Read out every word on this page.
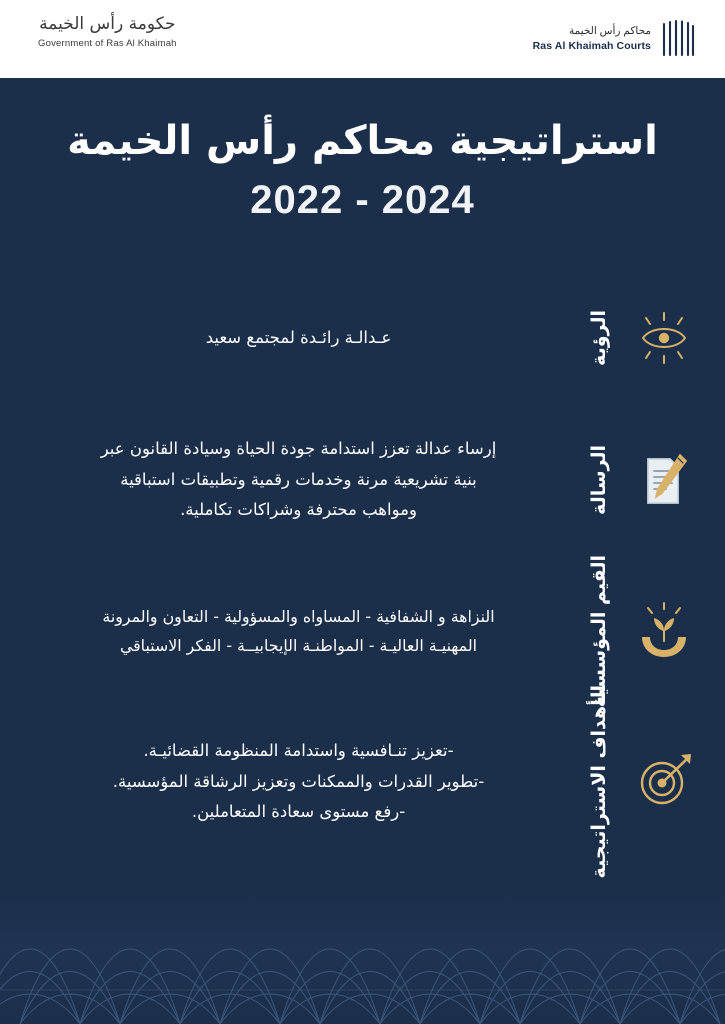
حكومة رأس الخيمة
Government of Ras Al Khaimah
محاكم رأس الخيمة
Ras Al Khaimah Courts
استراتيجية محاكم رأس الخيمة
2022 - 2024
الرؤية
عـدالـة رائـدة لمجتمع سعيد
الرسالة
إرساء عدالة تعزز استدامة جودة الحياة وسيادة القانون عبر
بنية تشريعية مرنة وخدمات رقمية وتطبيقات استباقية
ومواهب محترفة وشراكات تكاملية.
القيم المؤسسية
النزاهة و الشفافية - المساواه والمسؤولية - التعاون والمرونة
المهنيـة العاليـة - المواطنـة الإيجابيــة - الفكر الاستباقي
الأهداف الاستراتيجية
-تعزيز تنـافسية واستدامة المنظومة القضائيـة.
-تطوير القدرات والممكنات وتعزيز الرشاقة المؤسسية.
-رفع مستوى سعادة المتعاملين.
